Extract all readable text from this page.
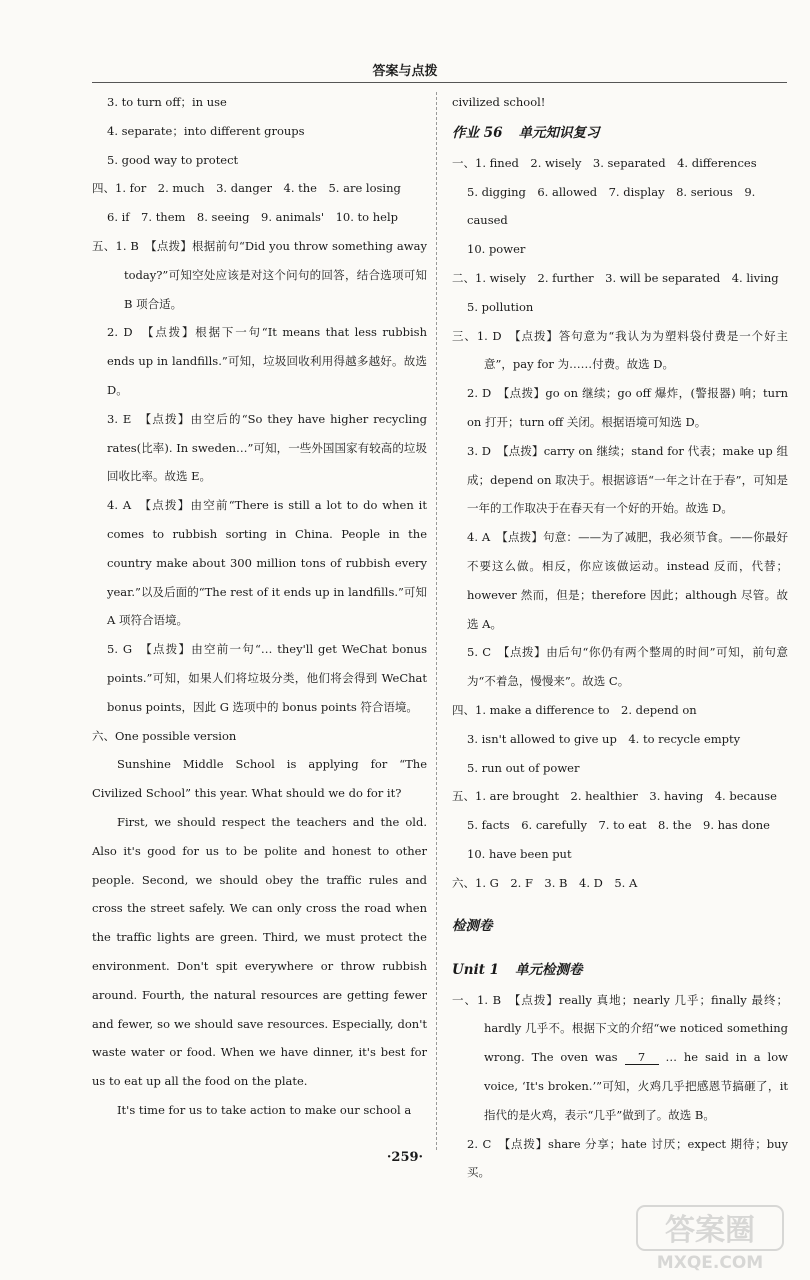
答案与点拨

3. to turn off；in use

4. separate；into different groups

5. good way to protect

四、1. for　2. much　3. danger　4. the　5. are losing

6. if　7. them　8. seeing　9. animals'　10. to help

五、1. B　【点拨】根据前句“Did you throw something away today?”可知空处应该是对这个问句的回答，结合选项可知 B 项合适。

2. D　【点拨】根据下一句“It means that less rubbish ends up in landfills.”可知，垃圾回收利用得越多越好。故选 D。

3. E　【点拨】由空后的“So they have higher recycling rates(比率). In sweden…”可知，一些外国国家有较高的垃圾回收比率。故选 E。

4. A　【点拨】由空前“There is still a lot to do when it comes to rubbish sorting in China. People in the country make about 300 million tons of rubbish every year.”以及后面的“The rest of it ends up in landfills.”可知 A 项符合语境。

5. G　【点拨】由空前一句“… they'll get WeChat bonus points.”可知，如果人们将垃圾分类，他们将会得到 WeChat bonus points，因此 G 选项中的 bonus points 符合语境。

六、One possible version

Sunshine Middle School is applying for “The Civilized School” this year. What should we do for it?

First, we should respect the teachers and the old. Also it's good for us to be polite and honest to other people. Second, we should obey the traffic rules and cross the street safely. We can only cross the road when the traffic lights are green. Third, we must protect the environment. Don't spit everywhere or throw rubbish around. Fourth, the natural resources are getting fewer and fewer, so we should save resources. Especially, don't waste water or food. When we have dinner, it's best for us to eat up all the food on the plate.

It's time for us to take action to make our school a

civilized school!

作业 56 单元知识复习

一、1. fined　2. wisely　3. separated　4. differences

5. digging　6. allowed　7. display　8. serious　9. caused

10. power

二、1. wisely　2. further　3. will be separated　4. living

5. pollution

三、1. D　【点拨】答句意为“我认为为塑料袋付费是一个好主意”，pay for 为……付费。故选 D。

2. D　【点拨】go on 继续；go off 爆炸，(警报器) 响；turn on 打开；turn off 关闭。根据语境可知选 D。

3. D　【点拨】carry on 继续；stand for 代表；make up 组成；depend on 取决于。根据谚语“一年之计在于春”，可知是一年的工作取决于在春天有一个好的开始。故选 D。

4. A　【点拨】句意：——为了减肥，我必须节食。——你最好不要这么做。相反，你应该做运动。instead 反而，代替；however 然而，但是；therefore 因此；although 尽管。故选 A。

5. C　【点拨】由后句“你仍有两个整周的时间”可知，前句意为“不着急，慢慢来”。故选 C。

四、1. make a difference to　2. depend on

3. isn't allowed to give up　4. to recycle empty

5. run out of power

五、1. are brought　2. healthier　3. having　4. because

5. facts　6. carefully　7. to eat　8. the　9. has done

10. have been put

六、1. G　2. F　3. B　4. D　5. A

检测卷

Unit 1 单元检测卷

一、1. B　【点拨】really 真地；nearly 几乎；finally 最终；hardly 几乎不。根据下文的介绍“we noticed something wrong. The oven was 7 … he said in a low voice, ‘It's broken.’”可知，火鸡几乎把感恩节搞砸了，it 指代的是火鸡，表示“几乎”做到了。故选 B。

2. C　【点拨】share 分享；hate 讨厌；expect 期待；buy 买。

·259·
答案圈
MXQE.COM
